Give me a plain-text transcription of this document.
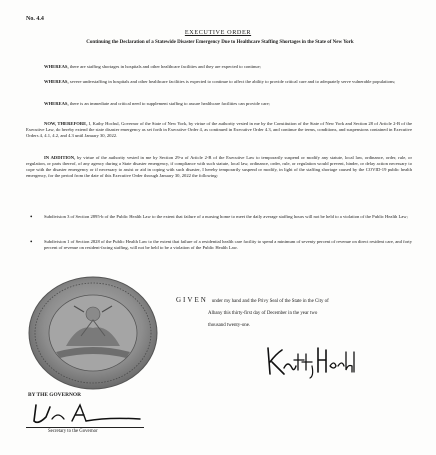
No. 4.4
EXECUTIVE ORDER
Continuing the Declaration of a Statewide Disaster Emergency Due to Healthcare Staffing Shortages in the State of New York

WHEREAS, there are staffing shortages in hospitals and other healthcare facilities and they are expected to continue;

WHEREAS, severe understaffing in hospitals and other healthcare facilities is expected to continue to affect the ability to provide critical care and to adequately serve vulnerable populations;

WHEREAS, there is an immediate and critical need to supplement staffing to assure healthcare facilities can provide care;

NOW, THEREFORE, I, Kathy Hochul, Governor of the State of New York, by virtue of the authority vested in me by the Constitution of the State of New York and Section 28 of Article 2-B of the Executive Law, do hereby extend the state disaster emergency as set forth in Executive Order 4, as continued in Executive Order 4.3, and continue the terms, conditions, and suspensions contained in Executive Orders 4, 4.1, 4.2, and 4.3 until January 30, 2022.

IN ADDITION, by virtue of the authority vested in me by Section 29-a of Article 2-B of the Executive Law to temporarily suspend or modify any statute, local law, ordinance, order, rule, or regulation, or parts thereof, of any agency during a State disaster emergency, if compliance with such statute, local law, ordinance, order, rule, or regulation would prevent, hinder, or delay action necessary to cope with the disaster emergency or if necessary to assist or aid in coping with such disaster, I hereby temporarily suspend or modify, in light of the staffing shortage caused by the COVID-19 public health emergency, for the period from the date of this Executive Order through January 30, 2022 the following:

•	Subdivision 3 of Section 2895-b of the Public Health Law to the extent that failure of a nursing home to meet the daily average staffing hours will not be held to a violation of the Public Health Law;

•	Subdivision 1 of Section 2828 of the Public Health Law to the extent that failure of a residential health care facility to spend a minimum of seventy percent of revenue on direct resident care, and forty percent of revenue on resident-facing staffing, will not be held to be a violation of the Public Health Law.

GIVEN under my hand and the Privy Seal of the State in the City of
Albany this thirty-first day of December in the year two
thousand twenty-one.
BY THE GOVERNOR
Secretary to the Governor
